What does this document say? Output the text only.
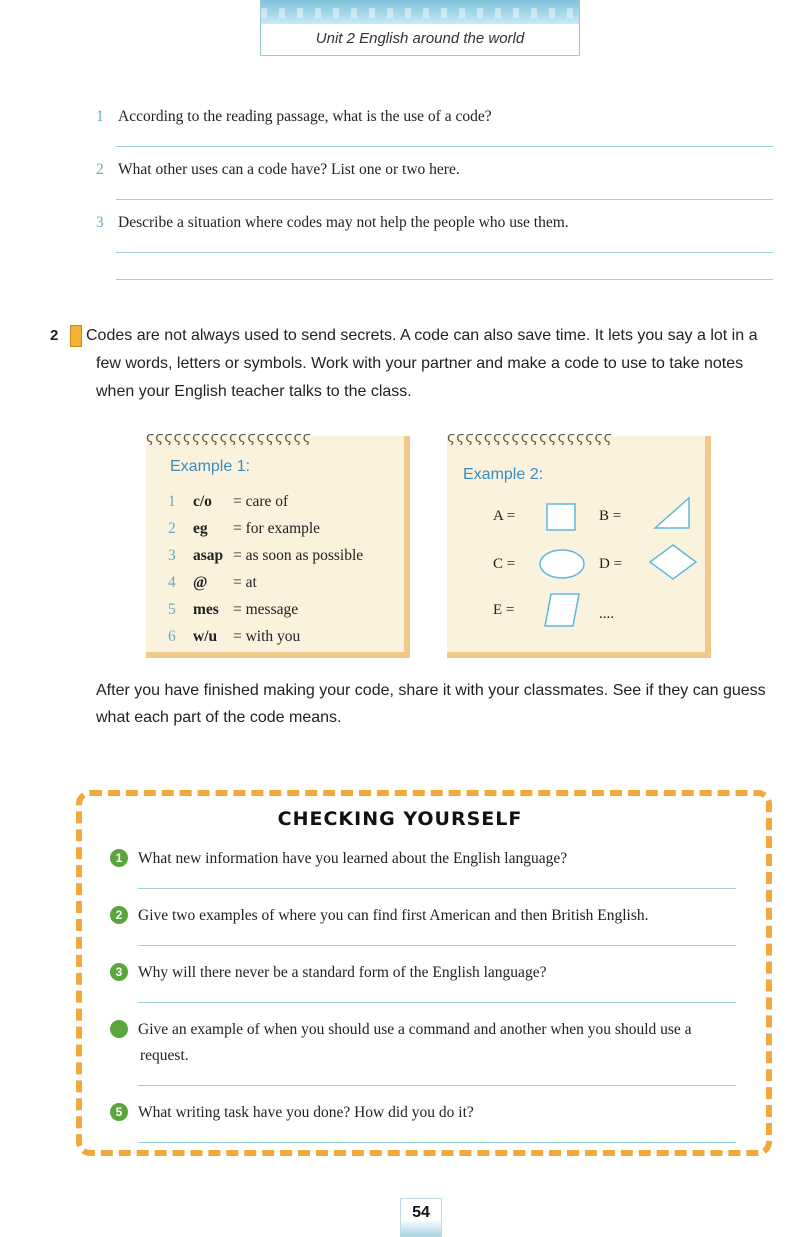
Unit 2 English around the world
1 According to the reading passage, what is the use of a code?
2 What other uses can a code have? List one or two here.
3 Describe a situation where codes may not help the people who use them.
2 Codes are not always used to send secrets. A code can also save time. It lets you say a lot in a few words, letters or symbols. Work with your partner and make a code to use to take notes when your English teacher talks to the class.
ϛϛϛϛϛϛϛϛϛϛϛϛϛϛϛϛϛϛ
Example 1:
1 c/o = care of
2 eg = for example
3 asap = as soon as possible
4 @ = at
5 mes = message
6 w/u = with you
ϛϛϛϛϛϛϛϛϛϛϛϛϛϛϛϛϛϛ
Example 2:
A =	B =
C =	D =
E =	....
After you have finished making your code, share it with your classmates. See if they can guess what each part of the code means.
CHECKING YOURSELF
1 What new information have you learned about the English language?
2 Give two examples of where you can find first American and then British English.
3 Why will there never be a standard form of the English language?
4 Give an example of when you should use a command and another when you should use a request.
5 What writing task have you done? How did you do it?
54
